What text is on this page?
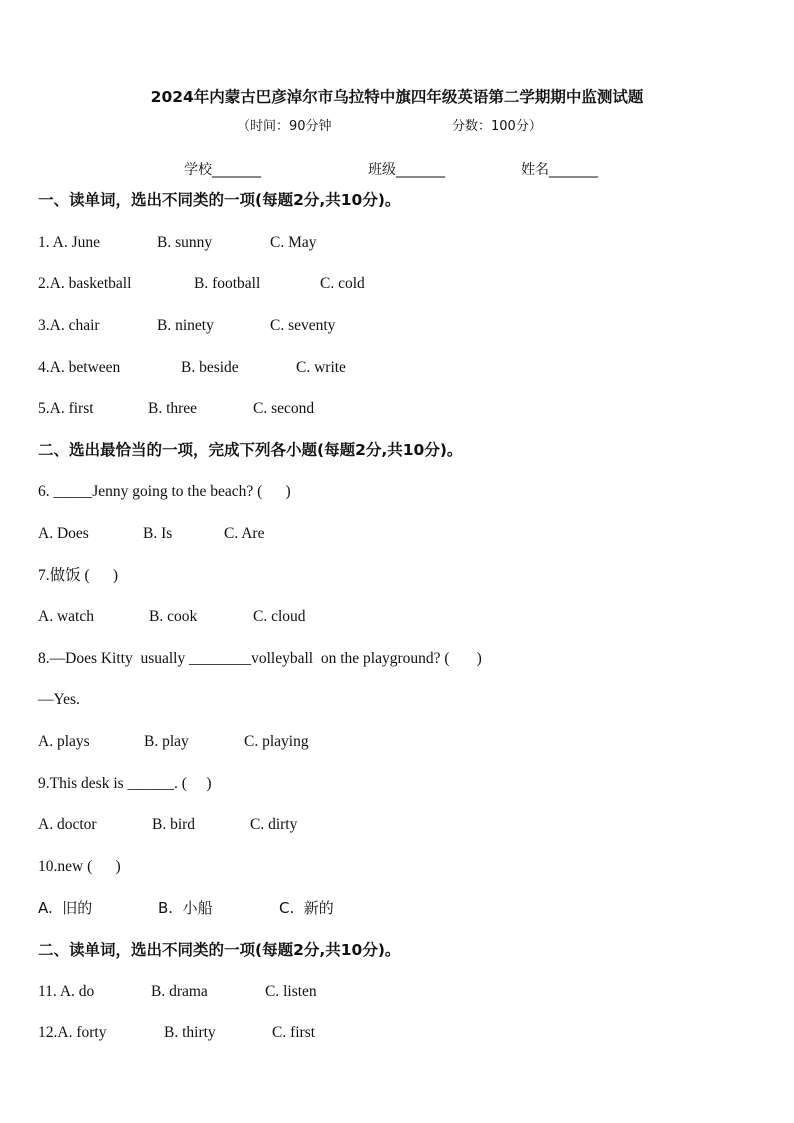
2024年内蒙古巴彦淖尔市乌拉特中旗四年级英语第二学期期中监测试题
（时间：90分钟	分数：100分）
学校_______	班级_______	姓名_______
一、读单词，选出不同类的一项(每题2分,共10分)。
1. A. June	B. sunny	C. May
2.A. basketball	B. football	C. cold
3.A. chair	B. ninety	C. seventy
4.A. between	B. beside	C. write
5.A. first	B. three	C. second
二、选出最恰当的一项，完成下列各小题(每题2分,共10分)。
6. _____Jenny going to the beach? (      )
A. Does	B. Is	C. Are
7.做饭 (      )
A. watch	B. cook	C. cloud
8.—Does Kitty  usually ________volleyball  on the playground? (       )
—Yes.
A. plays	B. play	C. playing
9.This desk is ______. (     )
A. doctor	B. bird	C. dirty
10.new (      )
A.  旧的	B.  小船	C.  新的
二、读单词，选出不同类的一项(每题2分,共10分)。
11. A. do	B. drama	C. listen
12.A. forty	B. thirty	C. first
